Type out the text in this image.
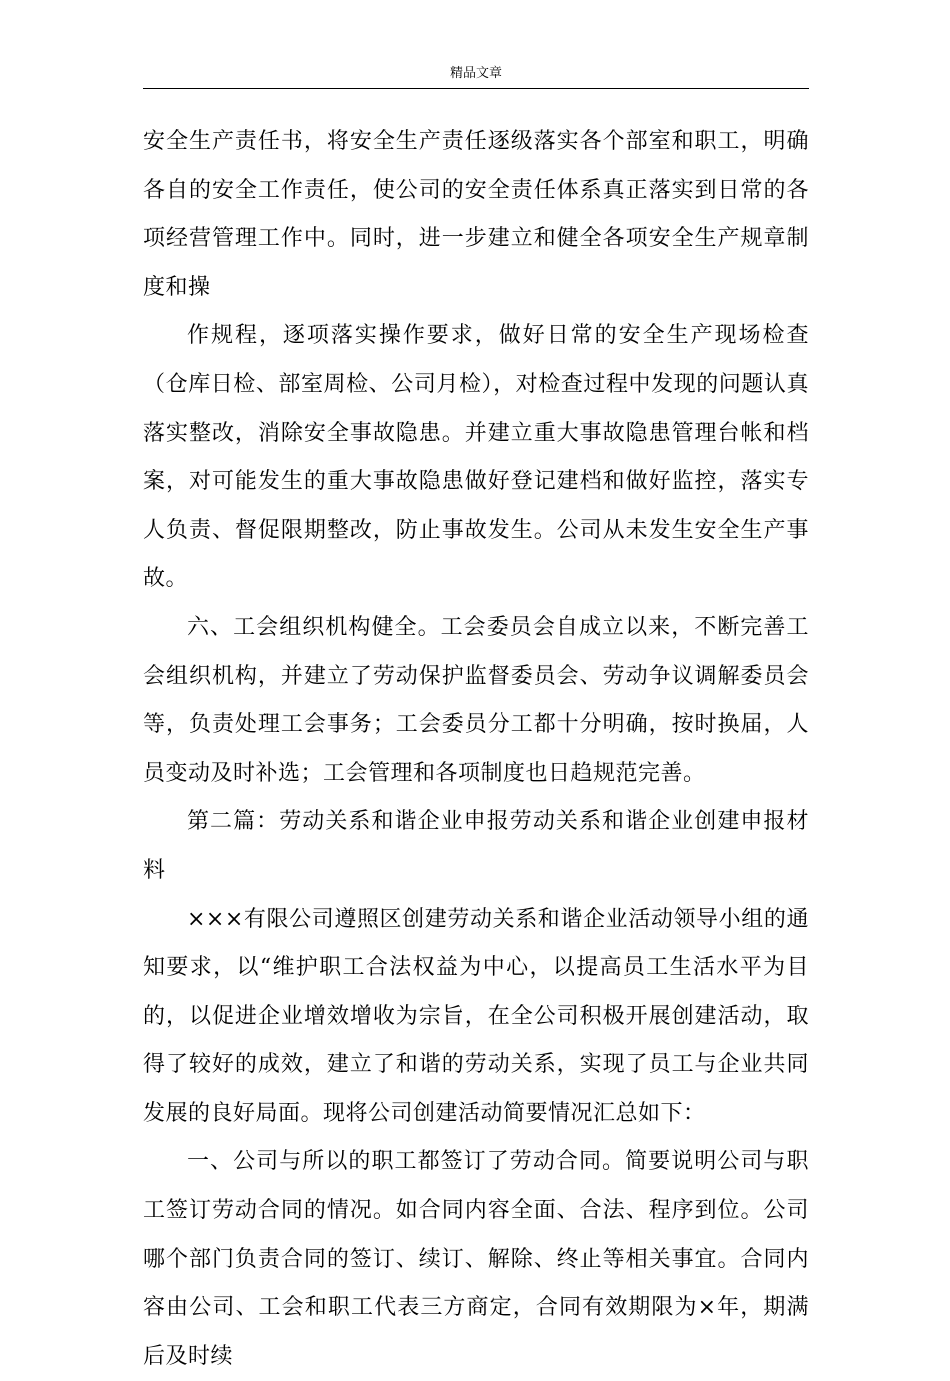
精品文章

安全生产责任书，将安全生产责任逐级落实各个部室和职工，明确各自的安全工作责任，使公司的安全责任体系真正落实到日常的各项经营管理工作中。同时，进一步建立和健全各项安全生产规章制度和操

作规程，逐项落实操作要求，做好日常的安全生产现场检查（仓库日检、部室周检、公司月检），对检查过程中发现的问题认真落实整改，消除安全事故隐患。并建立重大事故隐患管理台帐和档案，对可能发生的重大事故隐患做好登记建档和做好监控，落实专人负责、督促限期整改，防止事故发生。公司从未发生安全生产事故。

六、工会组织机构健全。工会委员会自成立以来，不断完善工会组织机构，并建立了劳动保护监督委员会、劳动争议调解委员会等，负责处理工会事务；工会委员分工都十分明确，按时换届，人员变动及时补选；工会管理和各项制度也日趋规范完善。

第二篇：劳动关系和谐企业申报劳动关系和谐企业创建申报材料

×××有限公司遵照区创建劳动关系和谐企业活动领导小组的通知要求，以“维护职工合法权益为中心，以提高员工生活水平为目的，以促进企业增效增收为宗旨，在全公司积极开展创建活动，取得了较好的成效，建立了和谐的劳动关系，实现了员工与企业共同发展的良好局面。现将公司创建活动简要情况汇总如下：

一、公司与所以的职工都签订了劳动合同。简要说明公司与职工签订劳动合同的情况。如合同内容全面、合法、程序到位。公司哪个部门负责合同的签订、续订、解除、终止等相关事宜。合同内容由公司、工会和职工代表三方商定，合同有效期限为×年，期满后及时续
